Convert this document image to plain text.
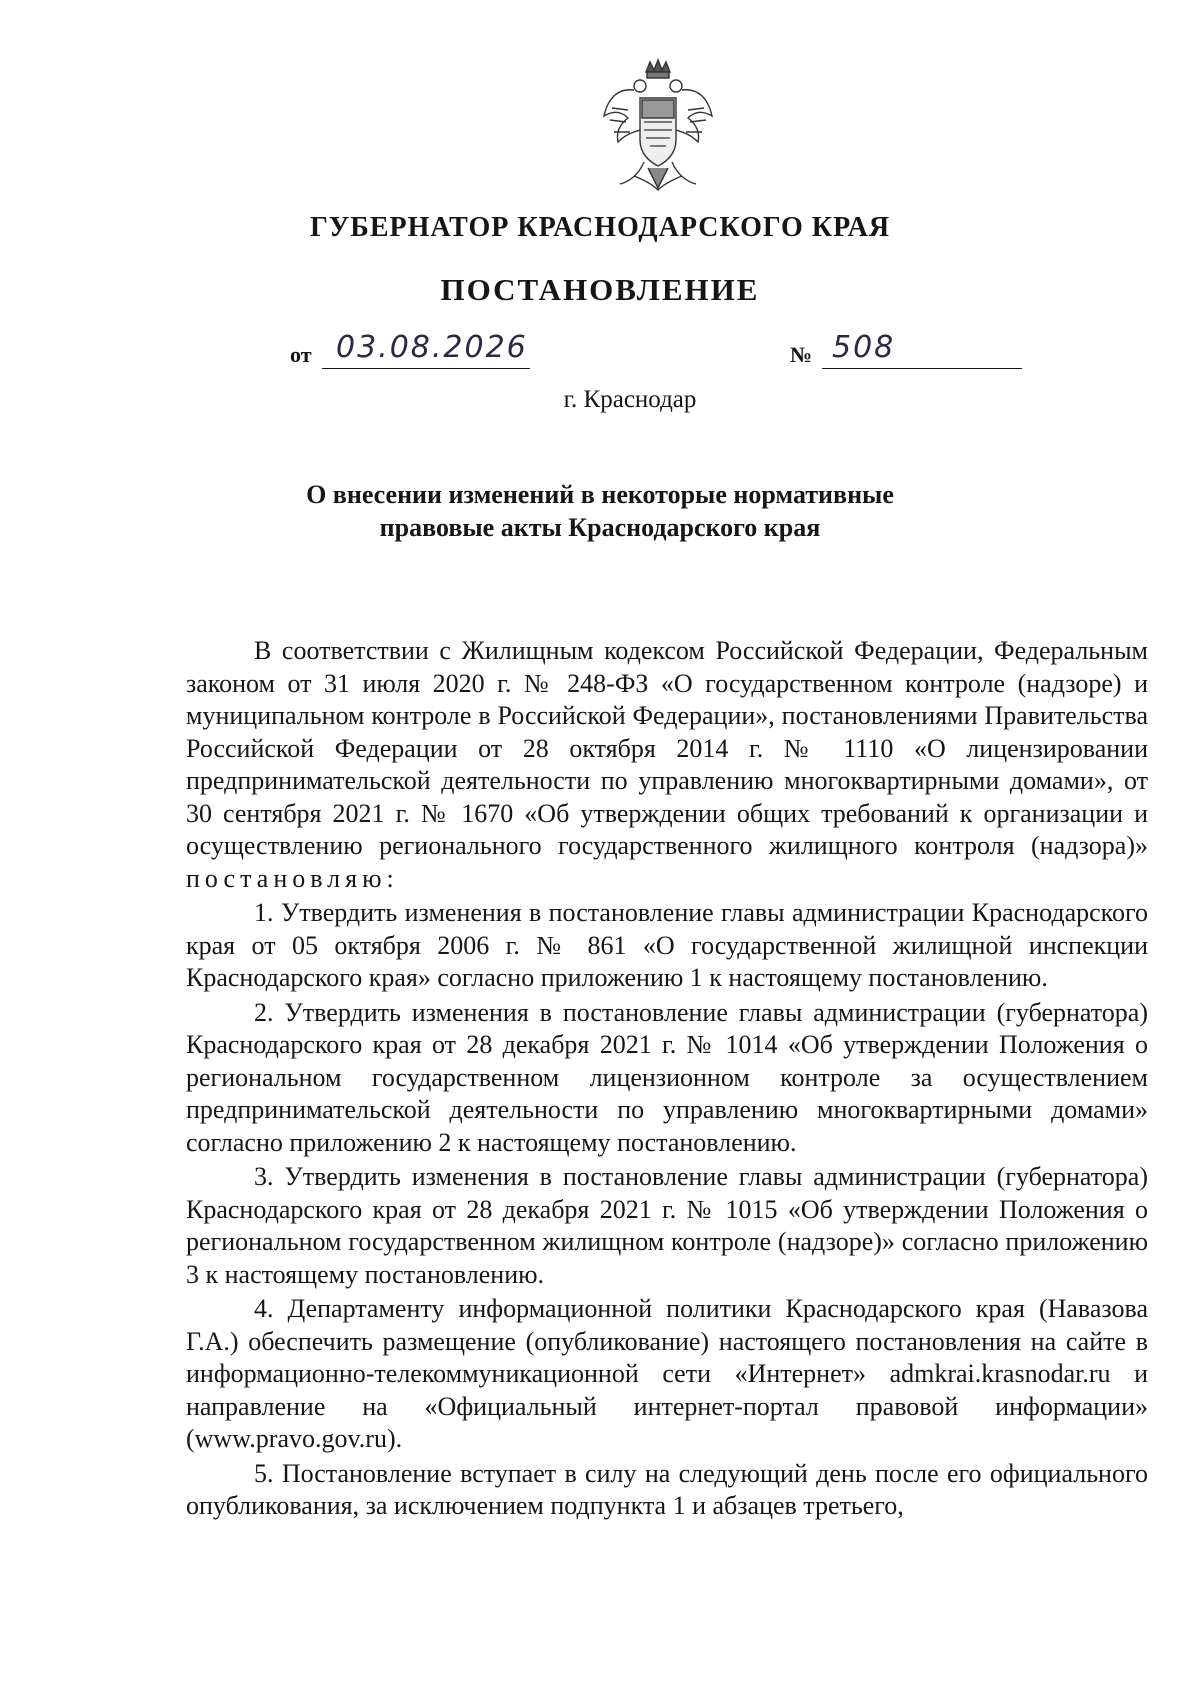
ГУБЕРНАТОР КРАСНОДАРСКОГО КРАЯ
ПОСТАНОВЛЕНИЕ
от 03.08.2026	№ 508
г. Краснодар
О внесении изменений в некоторые нормативные
правовые акты Краснодарского края

В соответствии с Жилищным кодексом Российской Федерации, Федеральным законом от 31 июля 2020 г. № 248-ФЗ «О государственном контроле (надзоре) и муниципальном контроле в Российской Федерации», постановлениями Правительства Российской Федерации от 28 октября 2014 г. № 1110 «О лицензировании предпринимательской деятельности по управлению многоквартирными домами», от 30 сентября 2021 г. № 1670 «Об утверждении общих требований к организации и осуществлению регионального государственного жилищного контроля (надзора)» постановляю:

1. Утвердить изменения в постановление главы администрации Краснодарского края от 05 октября 2006 г. № 861 «О государственной жилищной инспекции Краснодарского края» согласно приложению 1 к настоящему постановлению.

2. Утвердить изменения в постановление главы администрации (губернатора) Краснодарского края от 28 декабря 2021 г. № 1014 «Об утверждении Положения о региональном государственном лицензионном контроле за осуществлением предпринимательской деятельности по управлению многоквартирными домами» согласно приложению 2 к настоящему постановлению.

3. Утвердить изменения в постановление главы администрации (губернатора) Краснодарского края от 28 декабря 2021 г. № 1015 «Об утверждении Положения о региональном государственном жилищном контроле (надзоре)» согласно приложению 3 к настоящему постановлению.

4. Департаменту информационной политики Краснодарского края (Навазова Г.А.) обеспечить размещение (опубликование) настоящего постановления на сайте в информационно-телекоммуникационной сети «Интернет» admkrai.krasnodar.ru и направление на «Официальный интернет-портал правовой информации» (www.pravo.gov.ru).

5. Постановление вступает в силу на следующий день после его официального опубликования, за исключением подпункта 1 и абзацев третьего,
